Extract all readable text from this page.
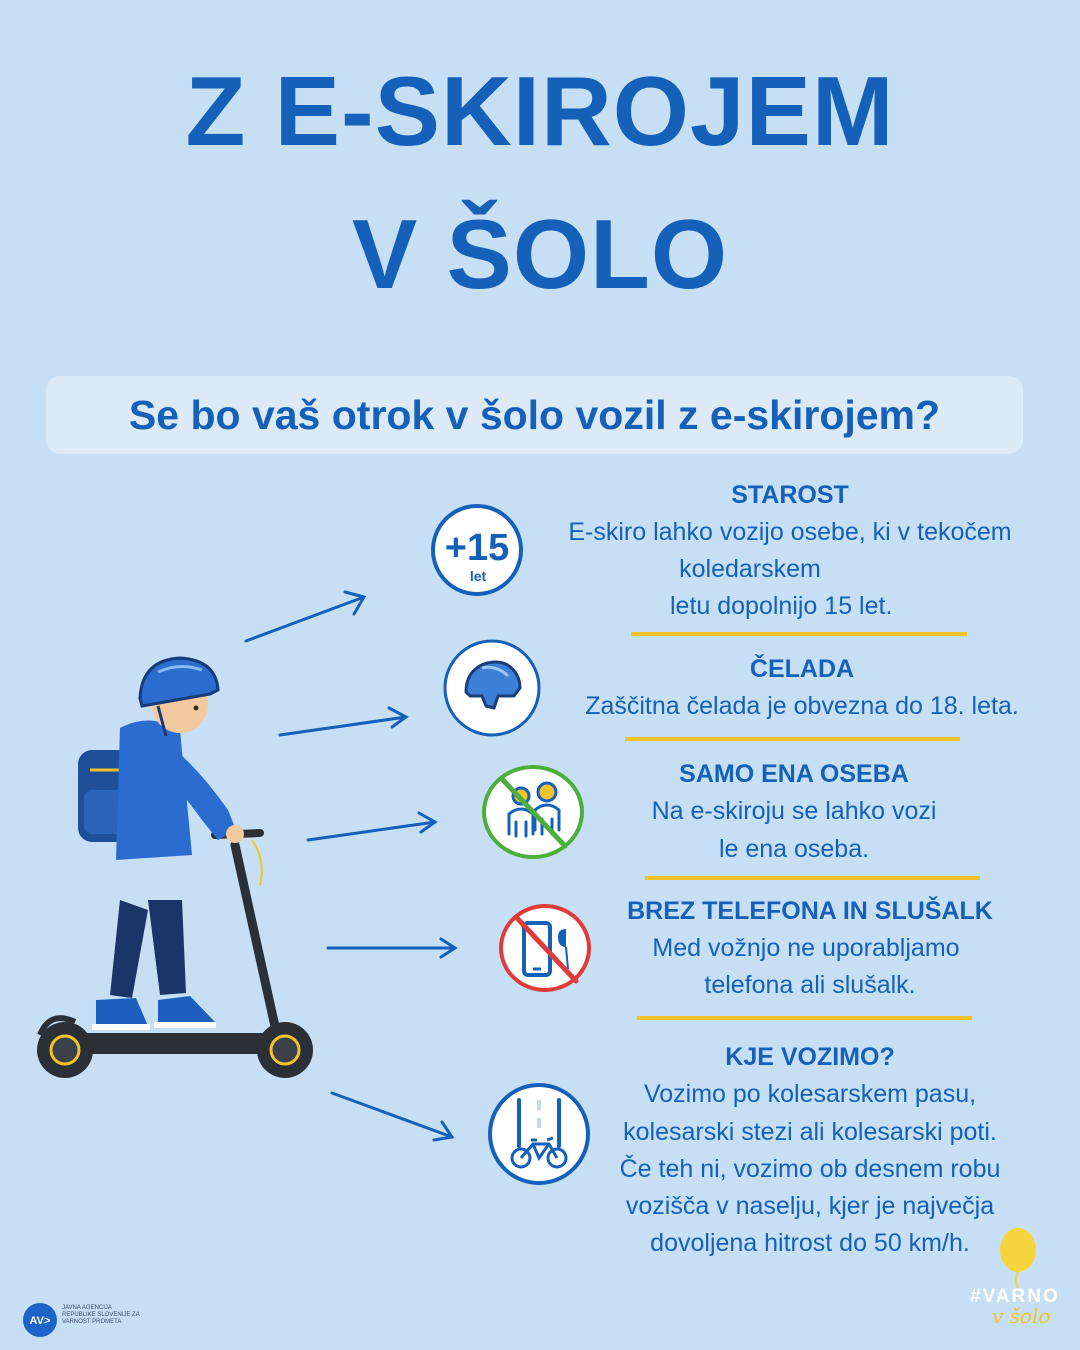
Z E-SKIROJEM
V ŠOLO
Se bo vaš otrok v šolo vozil z e-skirojem?
+15
let
STAROST
E-skiro lahko vozijo osebe, ki v tekočem
koledarskem
letu dopolnijo 15 let.
ČELADA
Zaščitna čelada je obvezna do 18. leta.
SAMO ENA OSEBA
Na e-skiroju se lahko vozi
le ena oseba.
BREZ TELEFONA IN SLUŠALK
Med vožnjo ne uporabljamo
telefona ali slušalk.
KJE VOZIMO?
Vozimo po kolesarskem pasu,
kolesarski stezi ali kolesarski poti.
Če teh ni, vozimo ob desnem robu
vozišča v naselju, kjer je največja
dovoljena hitrost do 50 km/h.
AV>
JAVNA AGENCIJA REPUBLIKE SLOVENIJE ZA VARNOST PROMETA
#VARNO
v šolo
